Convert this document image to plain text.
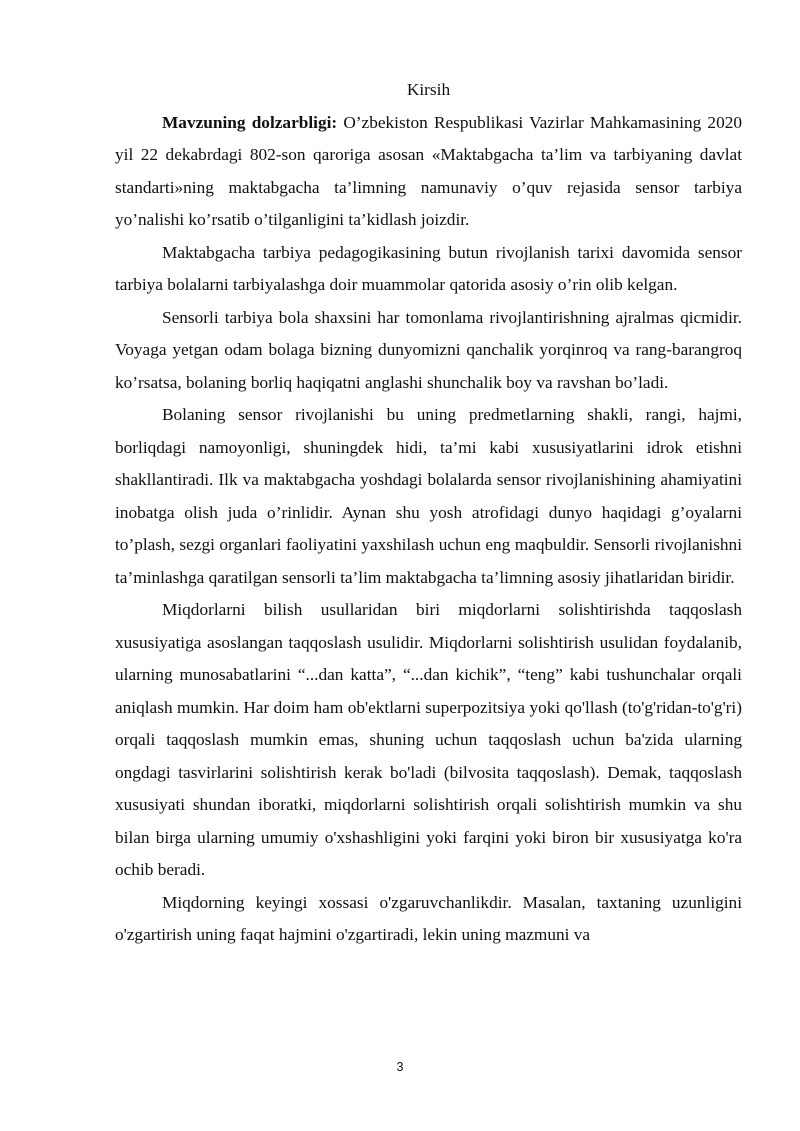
Kirsih

Mavzuning dolzarbligi: O’zbekiston Respublikasi Vazirlar Mahkamasining 2020 yil 22 dekabrdagi 802-son qaroriga asosan «Maktabgacha ta’lim va tarbiyaning davlat standarti»ning maktabgacha ta’limning namunaviy o’quv rejasida sensor tarbiya yo’nalishi ko’rsatib o’tilganligini ta’kidlash joizdir.

Maktabgacha tarbiya pedagogikasining butun rivojlanish tarixi davomida sensor tarbiya bolalarni tarbiyalashga doir muammolar qatorida asosiy o’rin olib kelgan.

Sensorli tarbiya bola shaxsini har tomonlama rivojlantirishning ajralmas qicmidir. Voyaga yetgan odam bolaga bizning dunyomizni qanchalik yorqinroq va rang-barangroq ko’rsatsa, bolaning borliq haqiqatni anglashi shunchalik boy va ravshan bo’ladi.

Bolaning sensor rivojlanishi bu uning predmetlarning shakli, rangi, hajmi, borliqdagi namoyonligi, shuningdek hidi, ta’mi kabi xususiyatlarini idrok etishni shakllantiradi. Ilk va maktabgacha yoshdagi bolalarda sensor rivojlanishining ahamiyatini inobatga olish juda o’rinlidir. Aynan shu yosh atrofidagi dunyo haqidagi g’oyalarni to’plash, sezgi organlari faoliyatini yaxshilash uchun eng maqbuldir. Sensorli rivojlanishni ta’minlashga qaratilgan sensorli ta’lim maktabgacha ta’limning asosiy jihatlaridan biridir.

Miqdorlarni bilish usullaridan biri miqdorlarni solishtirishda taqqoslash xususiyatiga asoslangan taqqoslash usulidir. Miqdorlarni solishtirish usulidan foydalanib, ularning munosabatlarini “...dan katta”, “...dan kichik”, “teng” kabi tushunchalar orqali aniqlash mumkin. Har doim ham ob'ektlarni superpozitsiya yoki qo'llash (to'g'ridan-to'g'ri) orqali taqqoslash mumkin emas, shuning uchun taqqoslash uchun ba'zida ularning ongdagi tasvirlarini solishtirish kerak bo'ladi (bilvosita taqqoslash). Demak, taqqoslash xususiyati shundan iboratki, miqdorlarni solishtirish orqali solishtirish mumkin va shu bilan birga ularning umumiy o'xshashligini yoki farqini yoki biron bir xususiyatga ko'ra ochib beradi.

Miqdorning keyingi xossasi o'zgaruvchanlikdir. Masalan, taxtaning uzunligini o'zgartirish uning faqat hajmini o'zgartiradi, lekin uning mazmuni va

3
